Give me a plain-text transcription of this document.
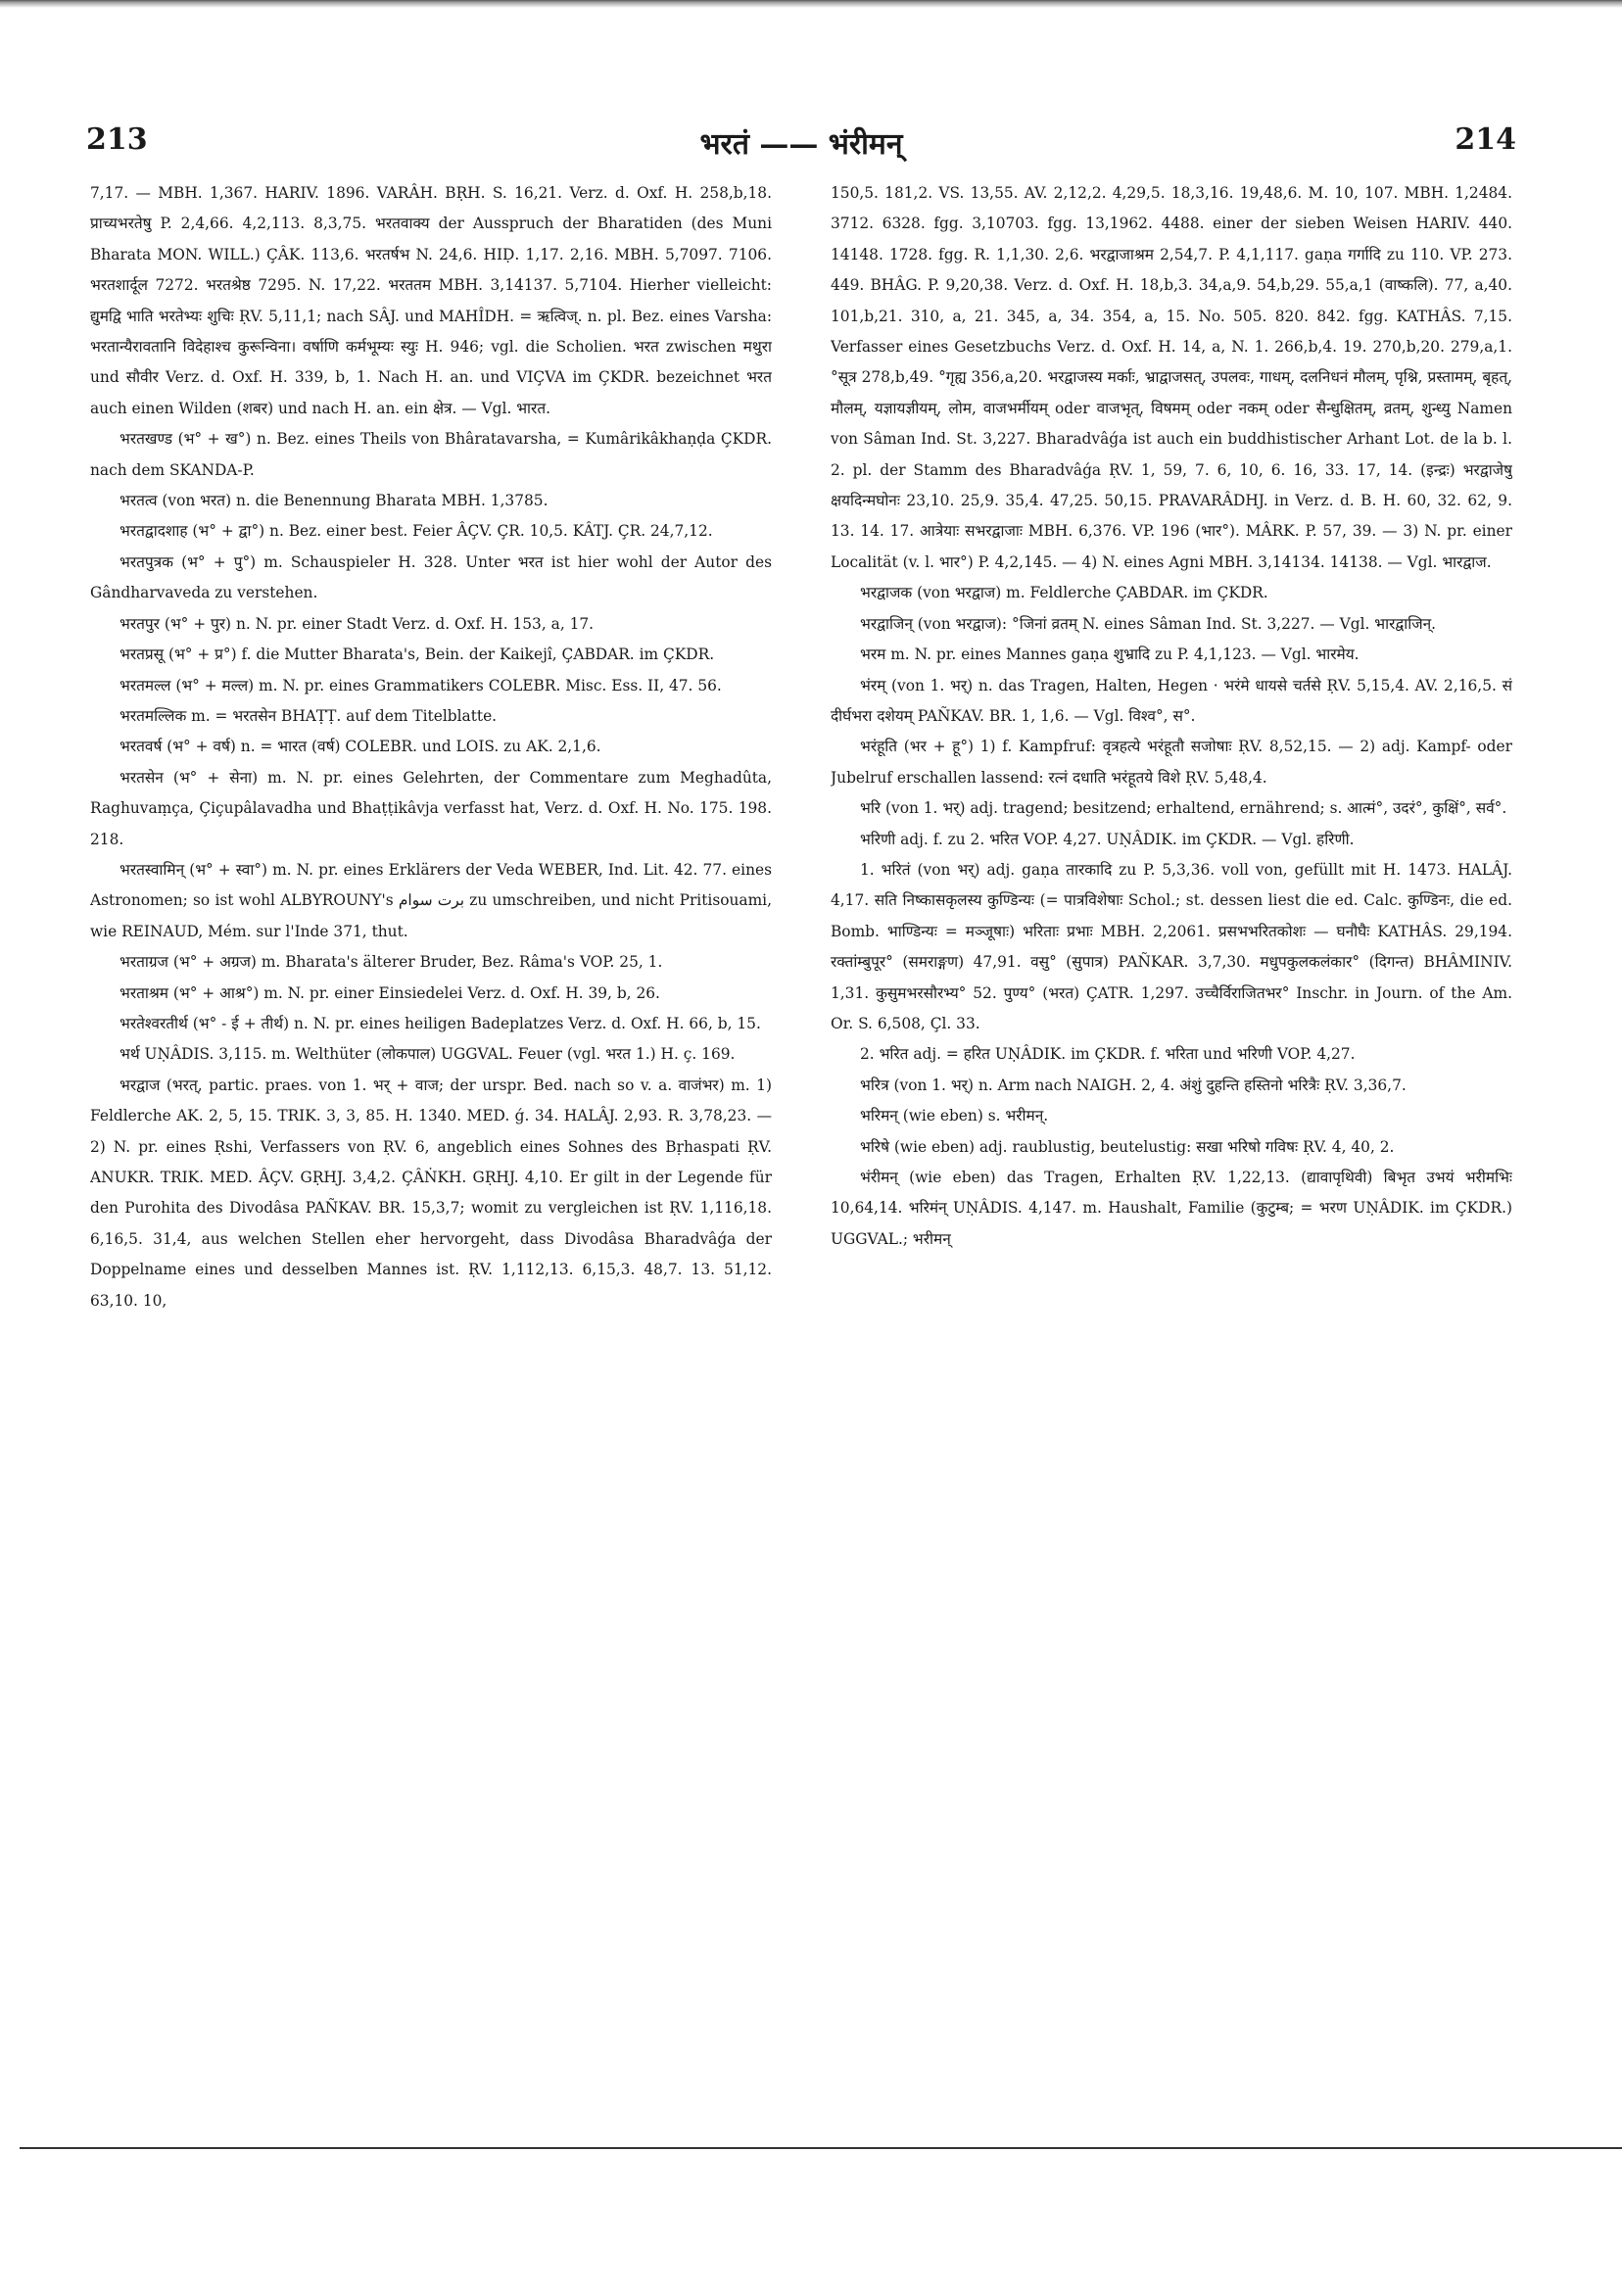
213	भरतं —— भंरीमन्	214

7,17. — MBH. 1,367. HARIV. 1896. VARÂH. BṚH. S. 16,21. Verz. d. Oxf. H. 258,b,18. प्राच्यभरतेषु P. 2,4,66. 4,2,113. 8,3,75. भरतवाक्य der Ausspruch der Bharatiden (des Muni Bharata MON. WILL.) ÇÂK. 113,6. भरतर्षभ N. 24,6. HIḌ. 1,17. 2,16. MBH. 5,7097. 7106. भरतशार्दूल 7272. भरतश्रेष्ठ 7295. N. 17,22. भरततम MBH. 3,14137. 5,7104. Hierher vielleicht: द्युमद्वि भाति भरतेभ्यः शुचिः ṚV. 5,11,1; nach SÂJ. und MAHÎDH. = ऋत्विज्. n. pl. Bez. eines Varsha: भरतान्यैरावतानि विदेहाश्च कुरून्विना। वर्षाणि कर्मभूम्यः स्युः H. 946; vgl. die Scholien. भरत zwischen मथुरा und सौवीर Verz. d. Oxf. H. 339, b, 1. Nach H. an. und VIÇVA im ÇKDR. bezeichnet भरत auch einen Wilden (शबर) und nach H. an. ein क्षेत्र. — Vgl. भारत.

भरतखण्ड (भ° + ख°) n. Bez. eines Theils von Bhâratavarsha, = Kumârikâkhaṇḍa ÇKDR. nach dem SKANDA-P.

भरतत्व (von भरत) n. die Benennung Bharata MBH. 1,3785.

भरतद्वादशाह (भ° + द्वा°) n. Bez. einer best. Feier ÂÇV. ÇR. 10,5. KÂTJ. ÇR. 24,7,12.

भरतपुत्रक (भ° + पु°) m. Schauspieler H. 328. Unter भरत ist hier wohl der Autor des Gândharvaveda zu verstehen.

भरतपुर (भ° + पुर) n. N. pr. einer Stadt Verz. d. Oxf. H. 153, a, 17.

भरतप्रसू (भ° + प्र°) f. die Mutter Bharata's, Bein. der Kaikejî, ÇABDAR. im ÇKDR.

भरतमल्ल (भ° + मल्ल) m. N. pr. eines Grammatikers COLEBR. Misc. Ess. II, 47. 56.

भरतमल्लिक m. = भरतसेन BHAṬṬ. auf dem Titelblatte.

भरतवर्ष (भ° + वर्ष) n. = भारत (वर्ष) COLEBR. und LOIS. zu AK. 2,1,6.

भरतसेन (भ° + सेना) m. N. pr. eines Gelehrten, der Commentare zum Meghadûta, Raghuvaṃça, Çiçupâlavadha und Bhaṭṭikâvja verfasst hat, Verz. d. Oxf. H. No. 175. 198. 218.

भरतस्वामिन् (भ° + स्वा°) m. N. pr. eines Erklärers der Veda WEBER, Ind. Lit. 42. 77. eines Astronomen; so ist wohl ALBYROUNY's برت سوام zu umschreiben, und nicht Pritisouami, wie REINAUD, Mém. sur l'Inde 371, thut.

भरताग्रज (भ° + अग्रज) m. Bharata's älterer Bruder, Bez. Râma's VOP. 25, 1.

भरताश्रम (भ° + आश्र°) m. N. pr. einer Einsiedelei Verz. d. Oxf. H. 39, b, 26.

भरतेश्वरतीर्थ (भ° - ई + तीर्थ) n. N. pr. eines heiligen Badeplatzes Verz. d. Oxf. H. 66, b, 15.

भर्थ UṆÂDIS. 3,115. m. Welthüter (लोकपाल) UGGVAL. Feuer (vgl. भरत 1.) H. ç. 169.

भरद्वाज (भरत्, partic. praes. von 1. भर् + वाज; der urspr. Bed. nach so v. a. वाजंभर) m. 1) Feldlerche AK. 2, 5, 15. TRIK. 3, 3, 85. H. 1340. MED. ǵ. 34. HALÂJ. 2,93. R. 3,78,23. — 2) N. pr. eines Ṛshi, Verfassers von ṚV. 6, angeblich eines Sohnes des Bṛhaspati ṚV. ANUKR. TRIK. MED. ÂÇV. GṚHJ. 3,4,2. ÇÂṄKH. GṚHJ. 4,10. Er gilt in der Legende für den Purohita des Divodâsa PAÑKAV. BR. 15,3,7; womit zu vergleichen ist ṚV. 1,116,18. 6,16,5. 31,4, aus welchen Stellen eher hervorgeht, dass Divodâsa Bharadvâǵa der Doppelname eines und desselben Mannes ist. ṚV. 1,112,13. 6,15,3. 48,7. 13. 51,12. 63,10. 10,

150,5. 181,2. VS. 13,55. AV. 2,12,2. 4,29,5. 18,3,16. 19,48,6. M. 10, 107. MBH. 1,2484. 3712. 6328. fgg. 3,10703. fgg. 13,1962. 4488. einer der sieben Weisen HARIV. 440. 14148. 1728. fgg. R. 1,1,30. 2,6. भरद्वाजाश्रम 2,54,7. P. 4,1,117. gaṇa गर्गादि zu 110. VP. 273. 449. BHÂG. P. 9,20,38. Verz. d. Oxf. H. 18,b,3. 34,a,9. 54,b,29. 55,a,1 (वाष्कलि). 77, a,40. 101,b,21. 310, a, 21. 345, a, 34. 354, a, 15. No. 505. 820. 842. fgg. KATHÂS. 7,15. Verfasser eines Gesetzbuchs Verz. d. Oxf. H. 14, a, N. 1. 266,b,4. 19. 270,b,20. 279,a,1. °सूत्र 278,b,49. °गृह्य 356,a,20. भरद्वाजस्य मर्काः, भ्राद्वाजसत्, उपलवः, गाधम्, दलनिधनं मौलम्, पृश्नि, प्रस्तामम्, बृहत्, मौलम्, यज्ञायज्ञीयम्, लोम, वाजभर्मीयम् oder वाजभृत्, विषमम् oder नकम् oder सैन्धुक्षितम्, व्रतम्, शुन्ध्यु Namen von Sâman Ind. St. 3,227. Bharadvâǵa ist auch ein buddhistischer Arhant Lot. de la b. l. 2. pl. der Stamm des Bharadvâǵa ṚV. 1, 59, 7. 6, 10, 6. 16, 33. 17, 14. (इन्द्रः) भरद्वाजेषु क्षयदिन्मघोनः 23,10. 25,9. 35,4. 47,25. 50,15. PRAVARÂDHJ. in Verz. d. B. H. 60, 32. 62, 9. 13. 14. 17. आत्रेयाः सभरद्वाजाः MBH. 6,376. VP. 196 (भार°). MÂRK. P. 57, 39. — 3) N. pr. einer Localität (v. l. भार°) P. 4,2,145. — 4) N. eines Agni MBH. 3,14134. 14138. — Vgl. भारद्वाज.

भरद्वाजक (von भरद्वाज) m. Feldlerche ÇABDAR. im ÇKDR.

भरद्वाजिन् (von भरद्वाज): °जिनां व्रतम् N. eines Sâman Ind. St. 3,227. — Vgl. भारद्वाजिन्.

भरम m. N. pr. eines Mannes gaṇa शुभ्रादि zu P. 4,1,123. — Vgl. भारमेय.

भंरम् (von 1. भर्) n. das Tragen, Halten, Hegen · भरंमे धायसे चर्तसे ṚV. 5,15,4. AV. 2,16,5. सं दीर्घभरा दशेयम् PAÑKAV. BR. 1, 1,6. — Vgl. विश्व°, स°.

भरंहूति (भर + हू°) 1) f. Kampfruf: वृत्रहत्ये भरंहूतौ सजोषाः ṚV. 8,52,15. — 2) adj. Kampf- oder Jubelruf erschallen lassend: रत्नं दधाति भरंहूतये विशे ṚV. 5,48,4.

भरि (von 1. भर्) adj. tragend; besitzend; erhaltend, ernährend; s. आत्मं°, उदरं°, कुक्षिं°, सर्व°.

भरिणी adj. f. zu 2. भरित VOP. 4,27. UṆÂDIK. im ÇKDR. — Vgl. हरिणी.

1. भरितं (von भर्) adj. gaṇa तारकादि zu P. 5,3,36. voll von, gefüllt mit H. 1473. HALÂJ. 4,17. सति निष्कासकृलस्य कुण्डिन्यः (= पात्रविशेषाः Schol.; st. dessen liest die ed. Calc. कुण्डिनः, die ed. Bomb. भाण्डिन्यः = मञ्जूषाः) भरिताः प्रभाः MBH. 2,2061. प्रसभभरितकोशः — घनौघैः KATHÂS. 29,194. रक्तांम्बुपूर° (समराङ्गण) 47,91. वसु° (सुपात्र) PAÑKAR. 3,7,30. मधुपकुलकलंकार° (दिगन्त) BHÂMINIV. 1,31. कुसुमभरसौरभ्य° 52. पुण्य° (भरत) ÇATR. 1,297. उच्चैर्विराजितभर° Inschr. in Journ. of the Am. Or. S. 6,508, Çl. 33.

2. भरित adj. = हरित UṆÂDIK. im ÇKDR. f. भरिता und भरिणी VOP. 4,27.

भरित्र (von 1. भर्) n. Arm nach NAIGH. 2, 4. अंशुं दुहन्ति हस्तिनो भरित्रैः ṚV. 3,36,7.

भरिमन् (wie eben) s. भरीमन्.

भरिषे (wie eben) adj. raublustig, beutelustig: सखा भरिषो गविषः ṚV. 4, 40, 2.

भंरीमन् (wie eben) das Tragen, Erhalten ṚV. 1,22,13. (द्यावापृथिवी) बिभृत उभयं भरीमभिः 10,64,14. भरिमंन् UṆÂDIS. 4,147. m. Haushalt, Familie (कुटुम्ब; = भरण UṆÂDIK. im ÇKDR.) UGGVAL.; भरीमन्
